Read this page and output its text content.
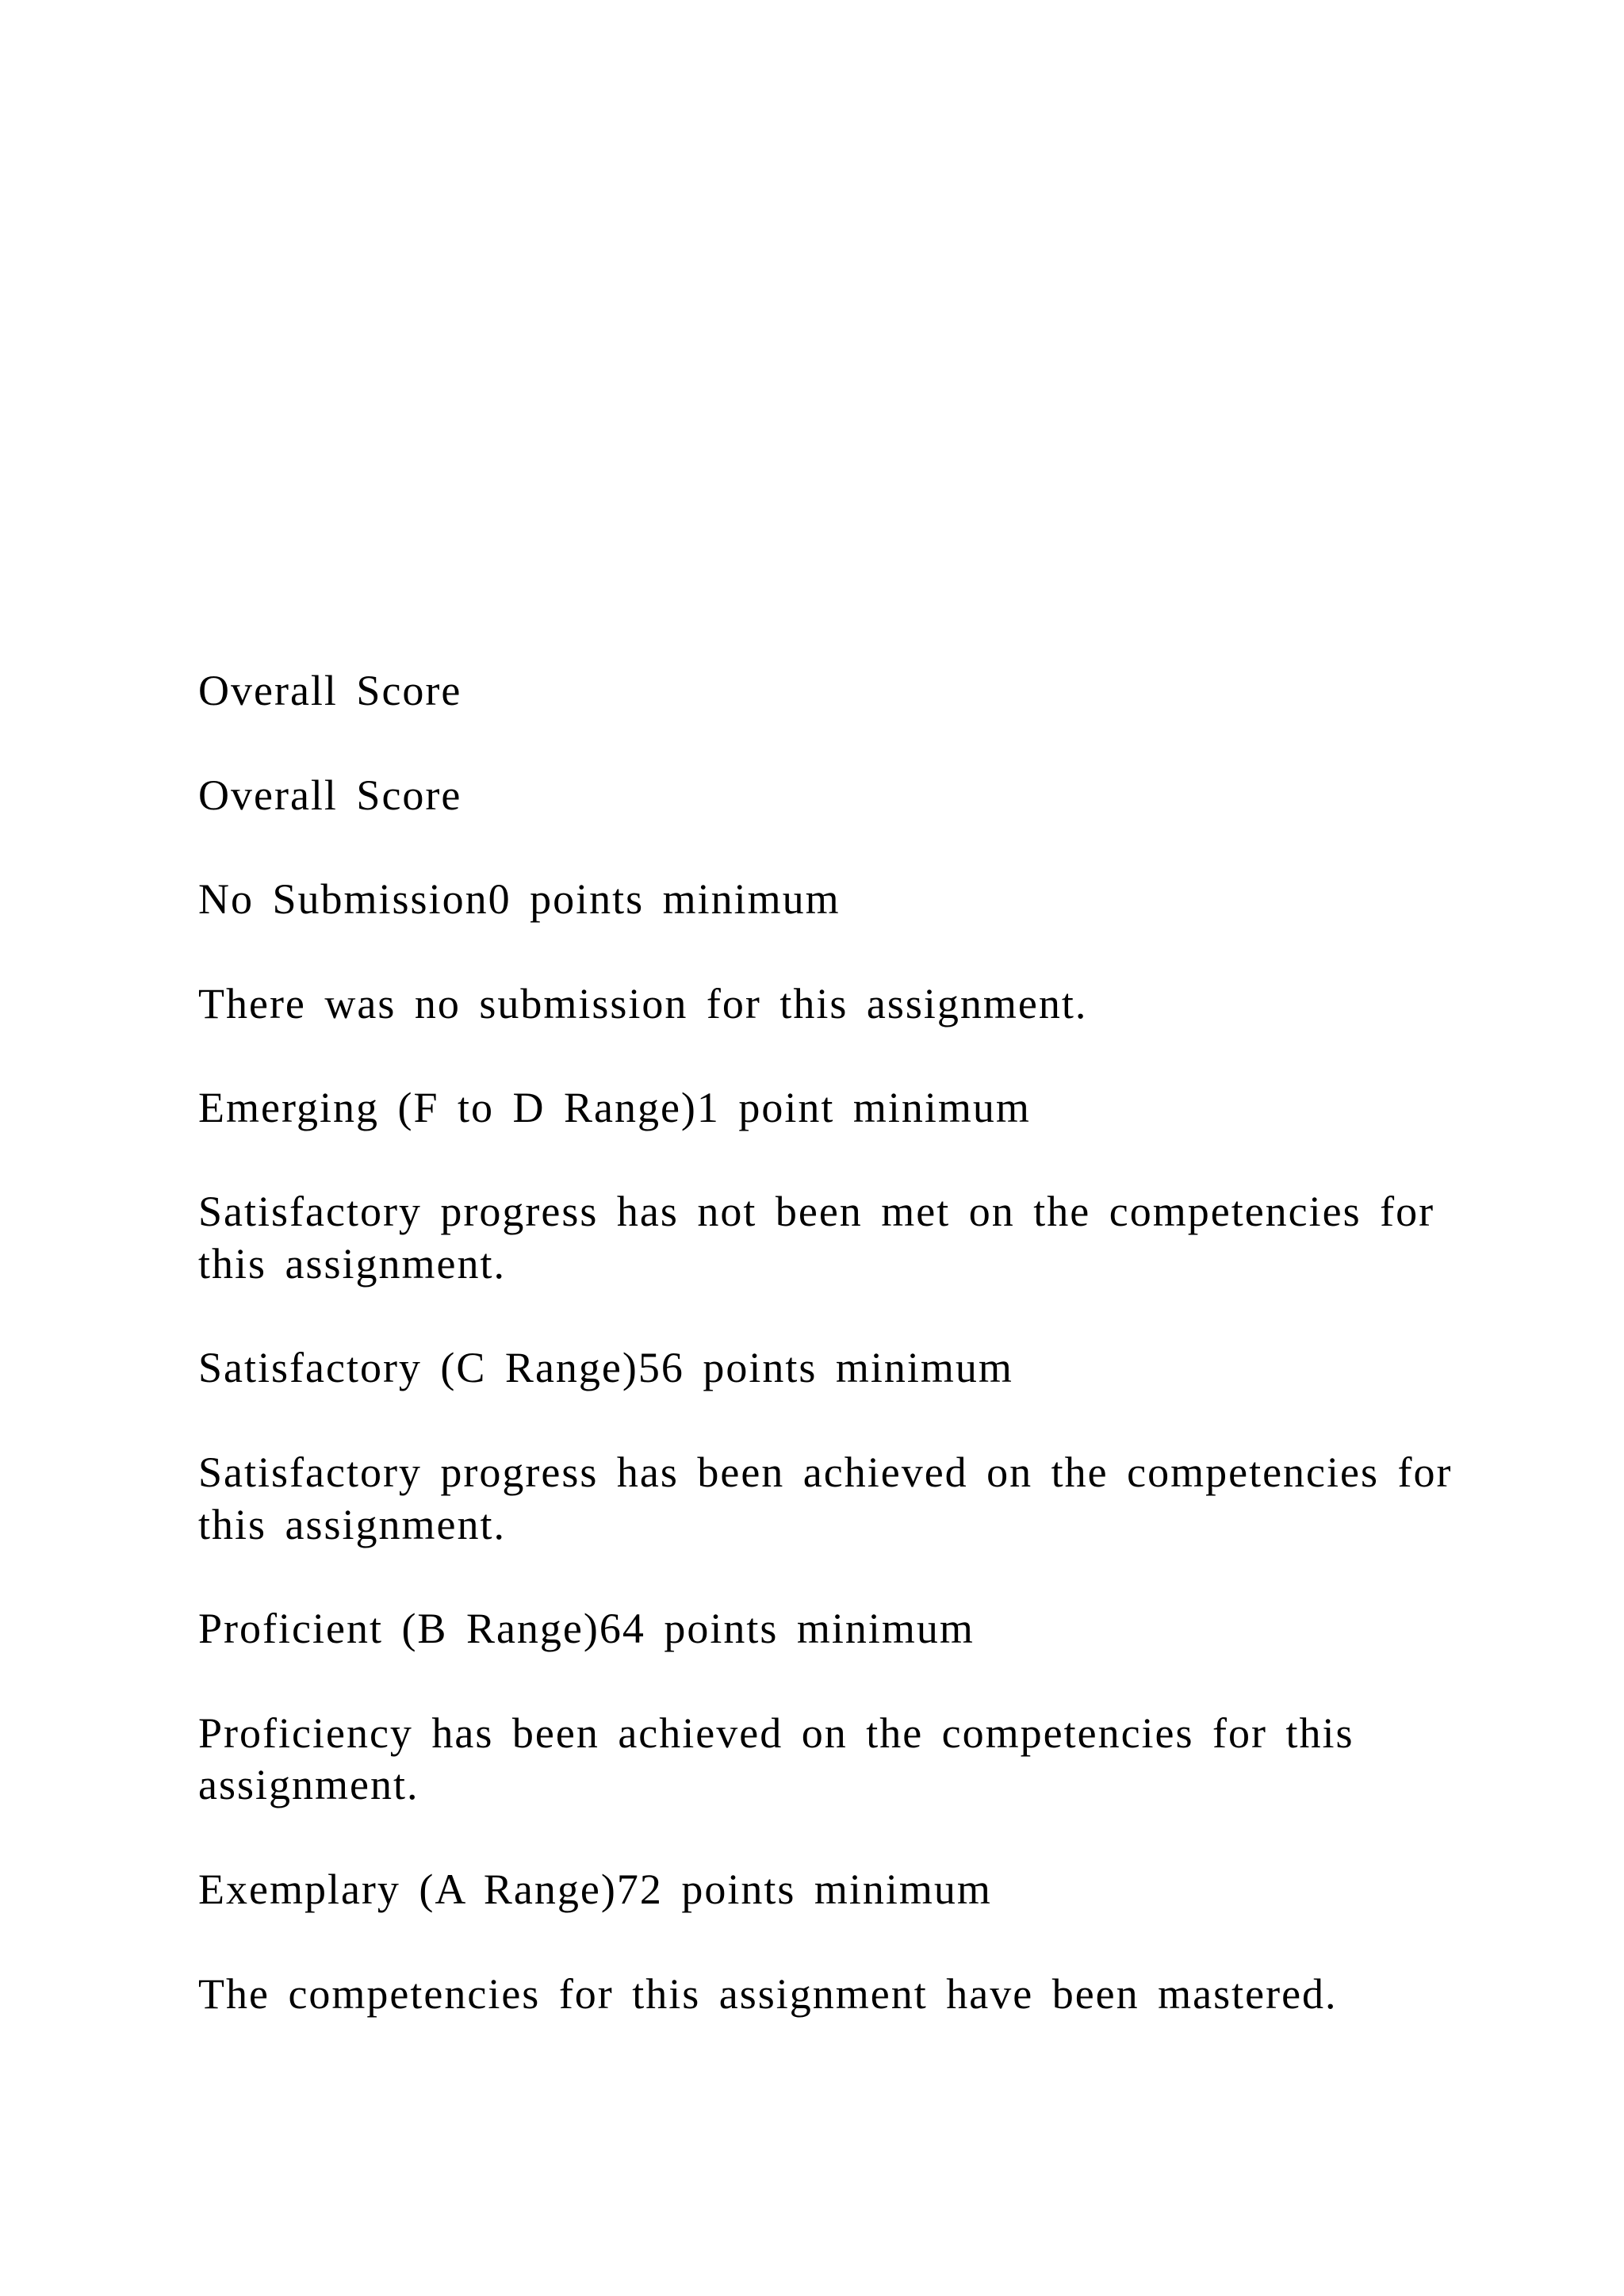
Overall Score
Overall Score

No Submission0 points minimum

There was no submission for this assignment.

Emerging (F to D Range)1 point minimum

Satisfactory progress has not been met on the competencies for

this assignment.

Satisfactory (C Range)56 points minimum

Satisfactory progress has been achieved on the competencies for

this assignment.

Proficient (B Range)64 points minimum

Proficiency has been achieved on the competencies for this

assignment.

Exemplary (A Range)72 points minimum

The competencies for this assignment have been mastered.
